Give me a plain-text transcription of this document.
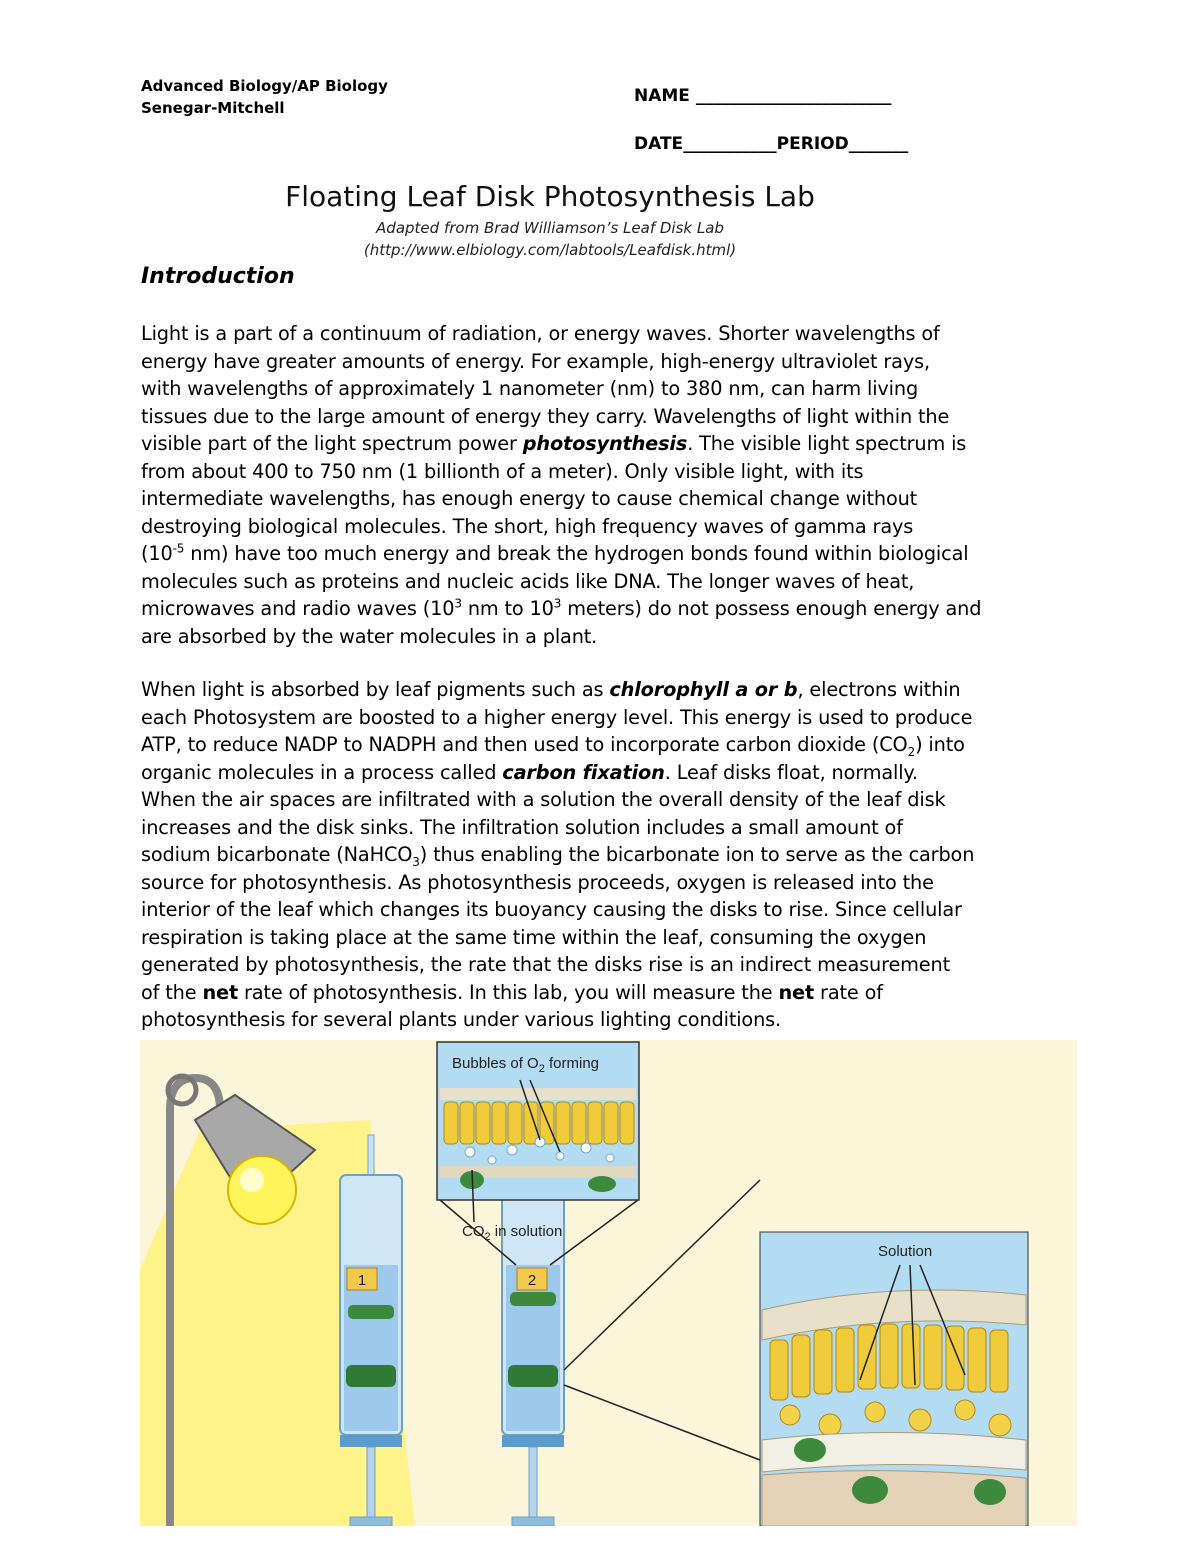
Advanced Biology/AP Biology
Senegar-Mitchell
NAME _______________________
DATE___________PERIOD_______
Floating Leaf Disk Photosynthesis Lab
Adapted from Brad Williamson’s Leaf Disk Lab
(http://www.elbiology.com/labtools/Leafdisk.html)
Introduction
Light is a part of a continuum of radiation, or energy waves. Shorter wavelengths of
energy have greater amounts of energy. For example, high-energy ultraviolet rays,
with wavelengths of approximately 1 nanometer (nm) to 380 nm, can harm living
tissues due to the large amount of energy they carry. Wavelengths of light within the
visible part of the light spectrum power photosynthesis. The visible light spectrum is
from about 400 to 750 nm (1 billionth of a meter). Only visible light, with its
intermediate wavelengths, has enough energy to cause chemical change without
destroying biological molecules. The short, high frequency waves of gamma rays
($10^{-5}$ nm) have too much energy and break the hydrogen bonds found within biological
molecules such as proteins and nucleic acids like DNA. The longer waves of heat,
microwaves and radio waves ($10^3$ nm to $10^3$ meters) do not possess enough energy and
are absorbed by the water molecules in a plant.
When light is absorbed by leaf pigments such as chlorophyll a or b, electrons within
each Photosystem are boosted to a higher energy level. This energy is used to produce
ATP, to reduce NADP to NADPH and then used to incorporate carbon dioxide $(CO_2)$ into
organic molecules in a process called carbon fixation. Leaf disks float, normally.
When the air spaces are infiltrated with a solution the overall density of the leaf disk
increases and the disk sinks. The infiltration solution includes a small amount of
sodium bicarbonate (NaHCO$_3$) thus enabling the bicarbonate ion to serve as the carbon
source for photosynthesis. As photosynthesis proceeds, oxygen is released into the
interior of the leaf which changes its buoyancy causing the disks to rise. Since cellular
respiration is taking place at the same time within the leaf, consuming the oxygen
generated by photosynthesis, the rate that the disks rise is an indirect measurement
of the net rate of photosynthesis. In this lab, you will measure the net rate of
photosynthesis for several plants under various lighting conditions.
1	2
Bubbles of $O_2$ forming
$CO_2$ in solution
Solution
